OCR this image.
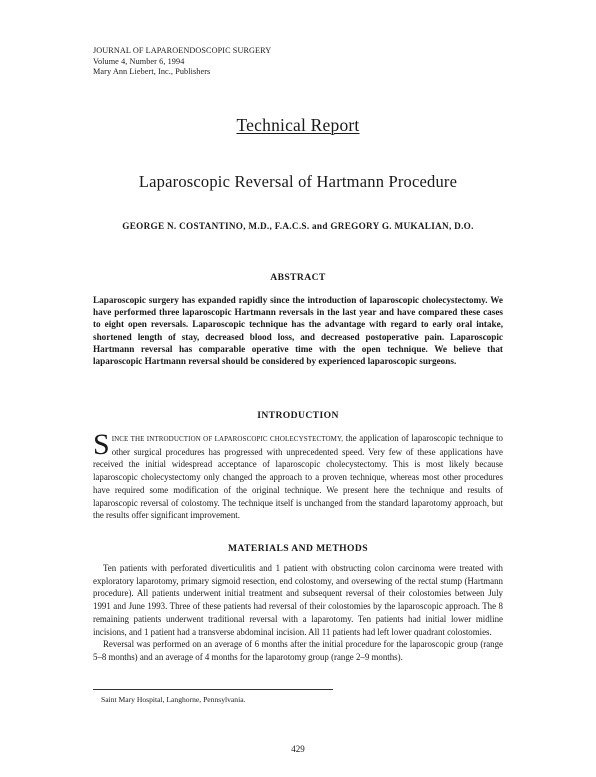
JOURNAL OF LAPAROENDOSCOPIC SURGERY
Volume 4, Number 6, 1994
Mary Ann Liebert, Inc., Publishers
Technical Report
Laparoscopic Reversal of Hartmann Procedure
GEORGE N. COSTANTINO, M.D., F.A.C.S. and GREGORY G. MUKALIAN, D.O.
ABSTRACT
Laparoscopic surgery has expanded rapidly since the introduction of laparoscopic cholecystectomy. We have performed three laparoscopic Hartmann reversals in the last year and have compared these cases to eight open reversals. Laparoscopic technique has the advantage with regard to early oral intake, shortened length of stay, decreased blood loss, and decreased postoperative pain. Laparoscopic Hartmann reversal has comparable operative time with the open technique. We believe that laparoscopic Hartmann reversal should be considered by experienced laparoscopic surgeons.
INTRODUCTION
SINCE THE INTRODUCTION OF LAPAROSCOPIC CHOLECYSTECTOMY, the application of laparoscopic technique to other surgical procedures has progressed with unprecedented speed. Very few of these applications have received the initial widespread acceptance of laparoscopic cholecystectomy. This is most likely because laparoscopic cholecystectomy only changed the approach to a proven technique, whereas most other procedures have required some modification of the original technique. We present here the technique and results of laparoscopic reversal of colostomy. The technique itself is unchanged from the standard laparotomy approach, but the results offer significant improvement.
MATERIALS AND METHODS

Ten patients with perforated diverticulitis and 1 patient with obstructing colon carcinoma were treated with exploratory laparotomy, primary sigmoid resection, end colostomy, and oversewing of the rectal stump (Hartmann procedure). All patients underwent initial treatment and subsequent reversal of their colostomies between July 1991 and June 1993. Three of these patients had reversal of their colostomies by the laparoscopic approach. The 8 remaining patients underwent traditional reversal with a laparotomy. Ten patients had initial lower midline incisions, and 1 patient had a transverse abdominal incision. All 11 patients had left lower quadrant colostomies.

Reversal was performed on an average of 6 months after the initial procedure for the laparoscopic group (range 5–8 months) and an average of 4 months for the laparotomy group (range 2–9 months).

Saint Mary Hospital, Langhorne, Pennsylvania.
429
